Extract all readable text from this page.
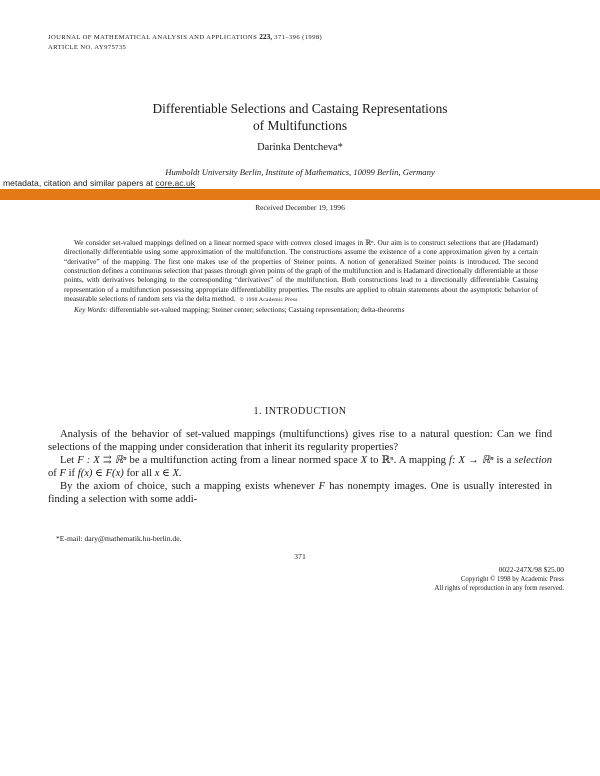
JOURNAL OF MATHEMATICAL ANALYSIS AND APPLICATIONS 223, 371–396 (1998)
ARTICLE NO. AY975735
Differentiable Selections and Castaing Representations
of Multifunctions
Darinka Dentcheva*
Humboldt University Berlin, Institute of Mathematics, 10099 Berlin, Germany
metadata, citation and similar papers at core.ac.uk
Received December 19, 1996

We consider set-valued mappings defined on a linear normed space with convex closed images in ℝⁿ. Our aim is to construct selections that are (Hadamard) directionally differentiable using some approximation of the multifunction. The constructions assume the existence of a cone approximation given by a certain “derivative” of the mapping. The first one makes use of the properties of Steiner points. A notion of generalized Steiner points is introduced. The second construction defines a continuous selection that passes through given points of the graph of the multifunction and is Hadamard directionally differentiable at those points, with derivatives belonging to the corresponding “derivatives” of the multifunction. Both constructions lead to a directionally differentiable Castaing representation of a multifunction possessing appropriate differentiability properties. The results are applied to obtain statements about the asymptotic behavior of measurable selections of random sets via the delta method. © 1998 Academic Press

Key Words: differentiable set-valued mapping; Steiner center; selections; Castaing representation; delta-theorems

1. INTRODUCTION

Analysis of the behavior of set-valued mappings (multifunctions) gives rise to a natural question: Can we find selections of the mapping under consideration that inherit its regularity properties?

Let F : X ⇉ ℝⁿ be a multifunction acting from a linear normed space X to ℝⁿ. A mapping f: X → ℝⁿ is a selection of F if f(x) ∈ F(x) for all x ∈ X.

By the axiom of choice, such a mapping exists whenever F has nonempty images. One is usually interested in finding a selection with some addi-

*E-mail: dary@mathematik.hu-berlin.de.
371
0022-247X/98 $25.00
Copyright © 1998 by Academic Press
All rights of reproduction in any form reserved.
